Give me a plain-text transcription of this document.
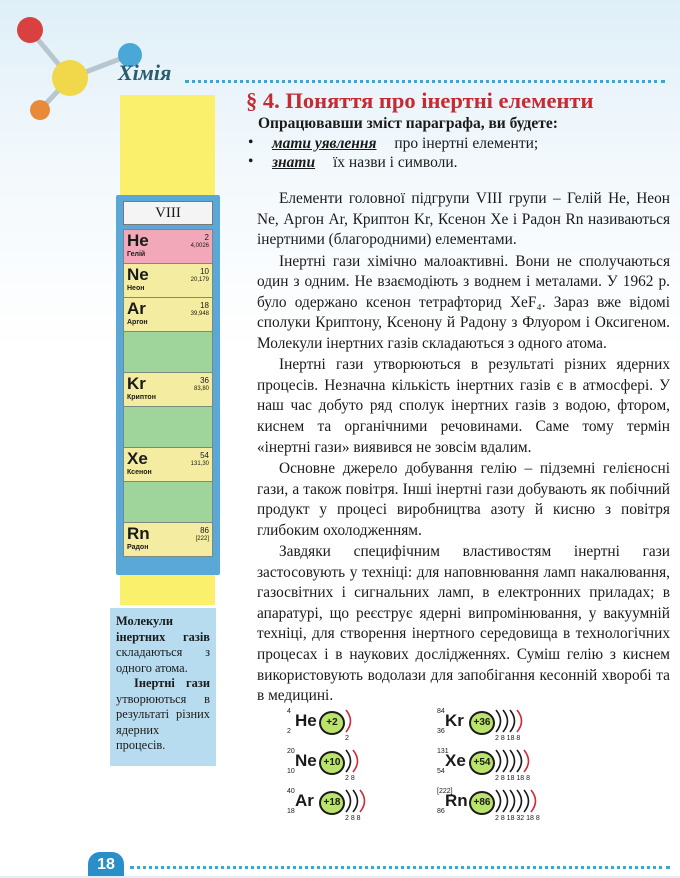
Хімія
VIII
He
Гелій
2
4,0026
Ne
Неон
10
20,179
Ar
Аргон
18
39,948
Kr
Криптон
36
83,80
Xe
Ксенон
54
131,30
Rn
Радон
86
[222]

Молекули інертних газів складаються з одного атома.

Інертні гази утворюються в результаті різних ядерних процесів.

§ 4. Поняття про інертні елементи
Опрацювавши зміст параграфа, ви будете:
• мати уявлення про інертні елементи;
• знати їх назви і символи.

Елементи головної підгрупи VIII групи – Гелій He, Неон Ne, Аргон Ar, Криптон Kr, Ксенон Xe і Радон Rn називаються інертними (благородними) елементами.

Інертні гази хімічно малоактивні. Вони не сполучаються один з одним. Не взаємодіють з воднем і металами. У 1962 р. було одержано ксенон тетрафторид XeF₄. Зараз вже відомі сполуки Криптону, Ксенону й Радону з Флуором і Оксигеном. Молекули інертних газів складаються з одного атома.

Інертні гази утворюються в результаті різних ядерних процесів. Незначна кількість інертних газів є в атмосфері. У наш час добуто ряд сполук інертних газів з водою, фтором, киснем та органічними речовинами. Саме тому термін «інертні гази» виявився не зовсім вдалим.

Основне джерело добування гелію – підземні гелієносні гази, а також повітря. Інші інертні гази добувають як побічний продукт у процесі виробництва азоту й кисню з повітря глибоким охолодженням.

Завдяки специфічним властивостям інертні гази застосовують у техніці: для наповнювання ламп накалювання, газосвітних і сигнальних ламп, в електронних приладах; в апаратурі, що реєструє ядерні випромінювання, у вакуумній техніці, для створення інертного середовища в технологічних процесах і в наукових дослідженнях. Суміш гелію з киснем використовують водолази для запобігання кесонній хворобі та в медицині.

4
2
He +2
2
84
36
Kr +36
2 8 18 8
20
10
Ne +10
2 8
131
54
Xe +54
2 8 18 18 8
40
18
Ar +18
2 8 8
[222]
86
Rn +86
2 8 18 32 18 8
18
